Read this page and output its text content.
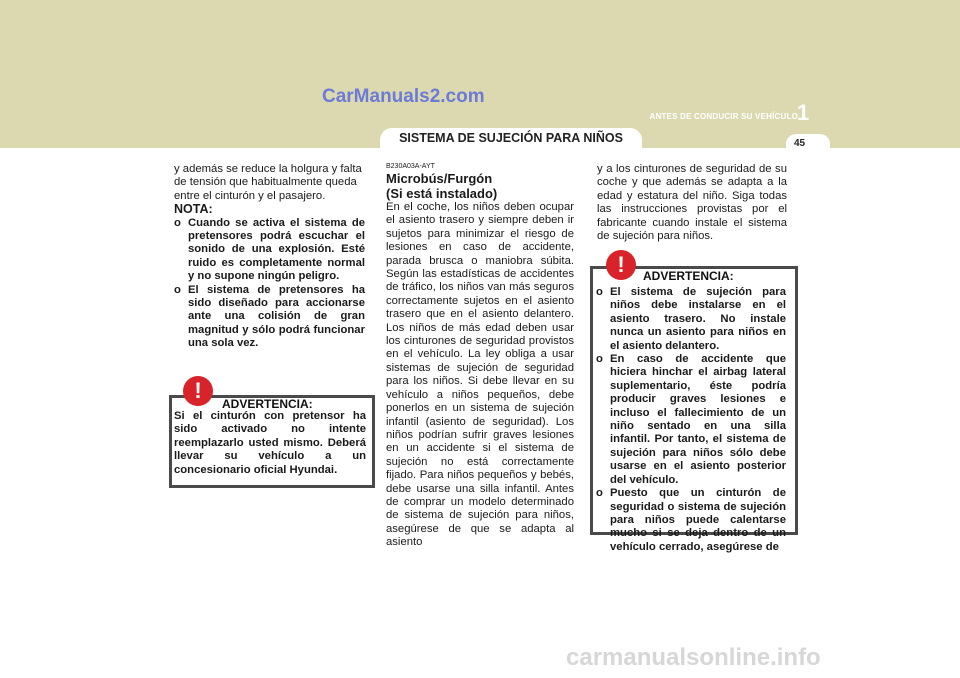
CarManuals2.com
ANTES DE CONDUCIR SU VEHÍCULO 1
45
SISTEMA DE SUJECIÓN PARA NIÑOS

y además se reduce la holgura y falta de tensión que habitualmente queda entre el cinturón y el pasajero.

NOTA:

o Cuando se activa el sistema de pretensores podrá escuchar el sonido de una explosión. Esté ruido es completamente normal y no supone ningún peligro.
o El sistema de pretensores ha sido diseñado para accionarse ante una colisión de gran magnitud y sólo podrá funcionar una sola vez.
!
ADVERTENCIA:
Si el cinturón con pretensor ha sido activado no intente reemplazarlo usted mismo. Deberá llevar su vehículo a un concesionario oficial Hyundai.

B230A03A-AYT

Microbús/Furgón
(Si está instalado)

En el coche, los niños deben ocupar el asiento trasero y siempre deben ir sujetos para minimizar el riesgo de lesiones en caso de accidente, parada brusca o maniobra súbita. Según las estadísticas de accidentes de tráfico, los niños van más seguros correctamente sujetos en el asiento trasero que en el asiento delantero. Los niños de más edad deben usar los cinturones de seguridad provistos en el vehículo. La ley obliga a usar sistemas de sujeción de seguridad para los niños. Si debe llevar en su vehículo a niños pequeños, debe ponerlos en un sistema de sujeción infantil (asiento de seguridad). Los niños podrían sufrir graves lesiones en un accidente si el sistema de sujeción no está correctamente fijado. Para niños pequeños y bebés, debe usarse una silla infantil. Antes de comprar un modelo determinado de sistema de sujeción para niños, asegúrese de que se adapta al asiento

y a los cinturones de seguridad de su coche y que además se adapta a la edad y estatura del niño. Siga todas las instrucciones provistas por el fabricante cuando instale el sistema de sujeción para niños.

!	ADVERTENCIA:
o El sistema de sujeción para niños debe instalarse en el asiento trasero. No instale nunca un asiento para niños en el asiento delantero.
o En caso de accidente que hiciera hinchar el airbag lateral suplementario, éste podría producir graves lesiones e incluso el fallecimiento de un niño sentado en una silla infantil. Por tanto, el sistema de sujeción para niños sólo debe usarse en el asiento posterior del vehículo.
o Puesto que un cinturón de seguridad o sistema de sujeción para niños puede calentarse mucho si se deja dentro de un vehículo cerrado, asegúrese de
carmanualsonline.info
